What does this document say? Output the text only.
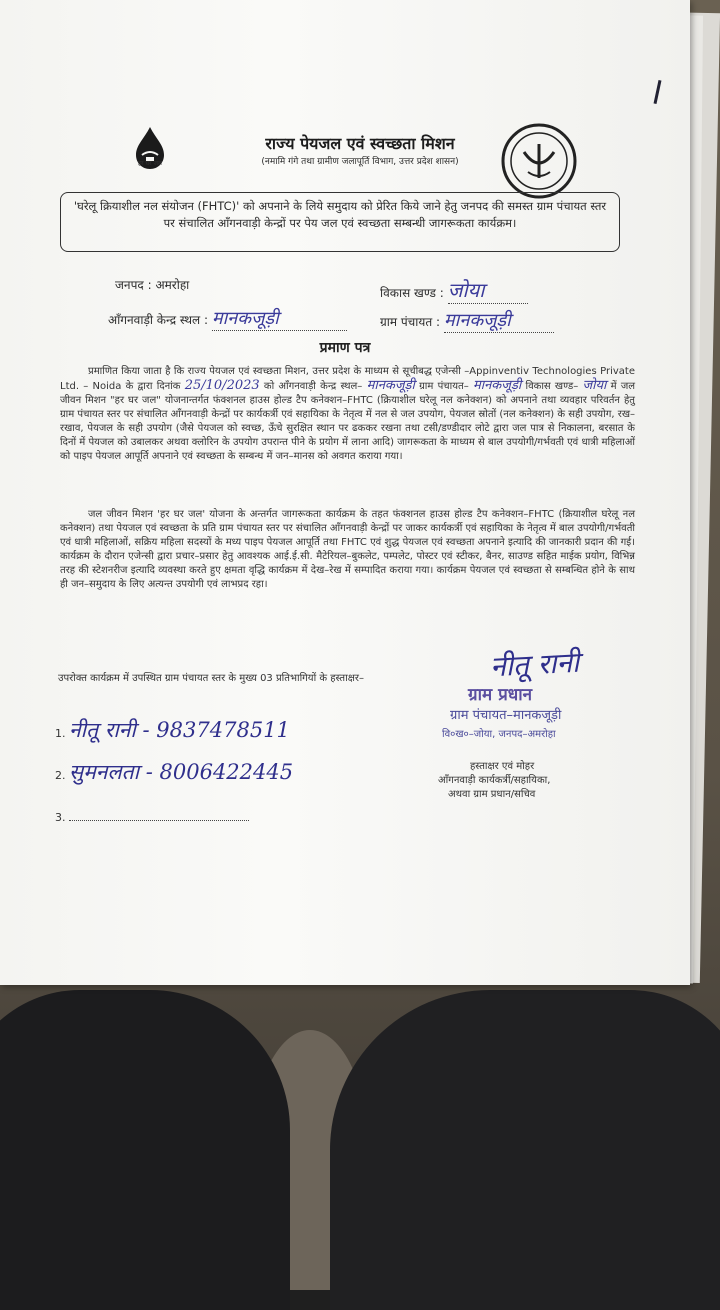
हर घर जल
राज्य पेयजल एवं स्वच्छता मिशन
(नमामि गंगे तथा ग्रामीण जलापूर्ति विभाग, उत्तर प्रदेश शासन)
'घरेलू क्रियाशील नल संयोजन (FHTC)' को अपनाने के लिये समुदाय को प्रेरित किये जाने हेतु जनपद की समस्त ग्राम पंचायत स्तर पर संचालित आँगनवाड़ी केन्द्रों पर पेय जल एवं स्वच्छता सम्बन्धी जागरूकता कार्यक्रम।
जनपद : अमरोहा
विकास खण्ड : जोया
आँगनवाड़ी केन्द्र स्थल : मानकजूड़ी	ग्राम पंचायत : मानकजूड़ी
प्रमाण पत्र
प्रमाणित किया जाता है कि राज्य पेयजल एवं स्वच्छता मिशन, उत्तर प्रदेश के माध्यम से सूचीबद्ध एजेन्सी –Appinventiv Technologies Private Ltd. – Noida के द्वारा दिनांक 25/10/2023 को आँगनवाड़ी केन्द्र स्थल– मानकजूड़ी ग्राम पंचायत– मानकजूड़ी विकास खण्ड– जोया में जल जीवन मिशन "हर घर जल" योजनान्तर्गत फंक्शनल हाउस होल्ड टैप कनेक्शन–FHTC (क्रियाशील घरेलू नल कनेक्शन) को अपनाने तथा व्यवहार परिवर्तन हेतु ग्राम पंचायत स्तर पर संचालित आँगनवाड़ी केन्द्रों पर कार्यकर्त्री एवं सहायिका के नेतृत्व में नल से जल उपयोग, पेयजल स्रोतों (नल कनेक्शन) के सही उपयोग, रख–रखाव, पेयजल के सही उपयोग (जैसे पेयजल को स्वच्छ, ऊँचे सुरक्षित स्थान पर ढककर रखना तथा टसी/डण्डीदार लोटे द्वारा जल पात्र से निकालना, बरसात के दिनों में पेयजल को उबालकर अथवा क्लोरिन के उपयोग उपरान्त पीने के प्रयोग में लाना आदि) जागरूकता के माध्यम से बाल उपयोगी/गर्भवती एवं धात्री महिलाओं को पाइप पेयजल आपूर्ति अपनाने एवं स्वच्छता के सम्बन्ध में जन–मानस को अवगत कराया गया।
जल जीवन मिशन 'हर घर जल' योजना के अन्तर्गत जागरूकता कार्यक्रम के तहत फंक्शनल हाउस होल्ड टैप कनेक्शन–FHTC (क्रियाशील घरेलू नल कनेक्शन) तथा पेयजल एवं स्वच्छता के प्रति ग्राम पंचायत स्तर पर संचालित आँगनवाड़ी केन्द्रों पर जाकर कार्यकर्त्री एवं सहायिका के नेतृत्व में बाल उपयोगी/गर्भवती एवं धात्री महिलाओं, सक्रिय महिला सदस्यों के मध्य पाइप पेयजल आपूर्ति तथा FHTC एवं शुद्ध पेयजल एवं स्वच्छता अपनाने इत्यादि की जानकारी प्रदान की गई। कार्यक्रम के दौरान एजेन्सी द्वारा प्रचार–प्रसार हेतु आवश्यक आई.ई.सी. मैटेरियल–बुकलेट, पम्पलेट, पोस्टर एवं स्टीकर, बैनर, साउण्ड सहित माईक प्रयोग, विभिन्न तरह की स्टेशनरीज इत्यादि व्यवस्था करते हुए क्षमता वृद्धि कार्यक्रम में देख–रेख में सम्पादित कराया गया। कार्यक्रम पेयजल एवं स्वच्छता से सम्बन्धित होने के साथ ही जन–समुदाय के लिए अत्यन्त उपयोगी एवं लाभप्रद रहा।
उपरोक्त कार्यक्रम में उपस्थित ग्राम पंचायत स्तर के मुख्य 03 प्रतिभागियों के हस्ताक्षर–
1. नीतू रानी - 9837478511
2. सुमनलता - 8006422445
3.
नीतू रानी
ग्राम प्रधान
ग्राम पंचायत–मानकजूड़ी
वि०ख०–जोया, जनपद–अमरोहा
हस्ताक्षर एवं मोहर
आँगनवाड़ी कार्यकर्त्री/सहायिका,
अथवा ग्राम प्रधान/सचिव
